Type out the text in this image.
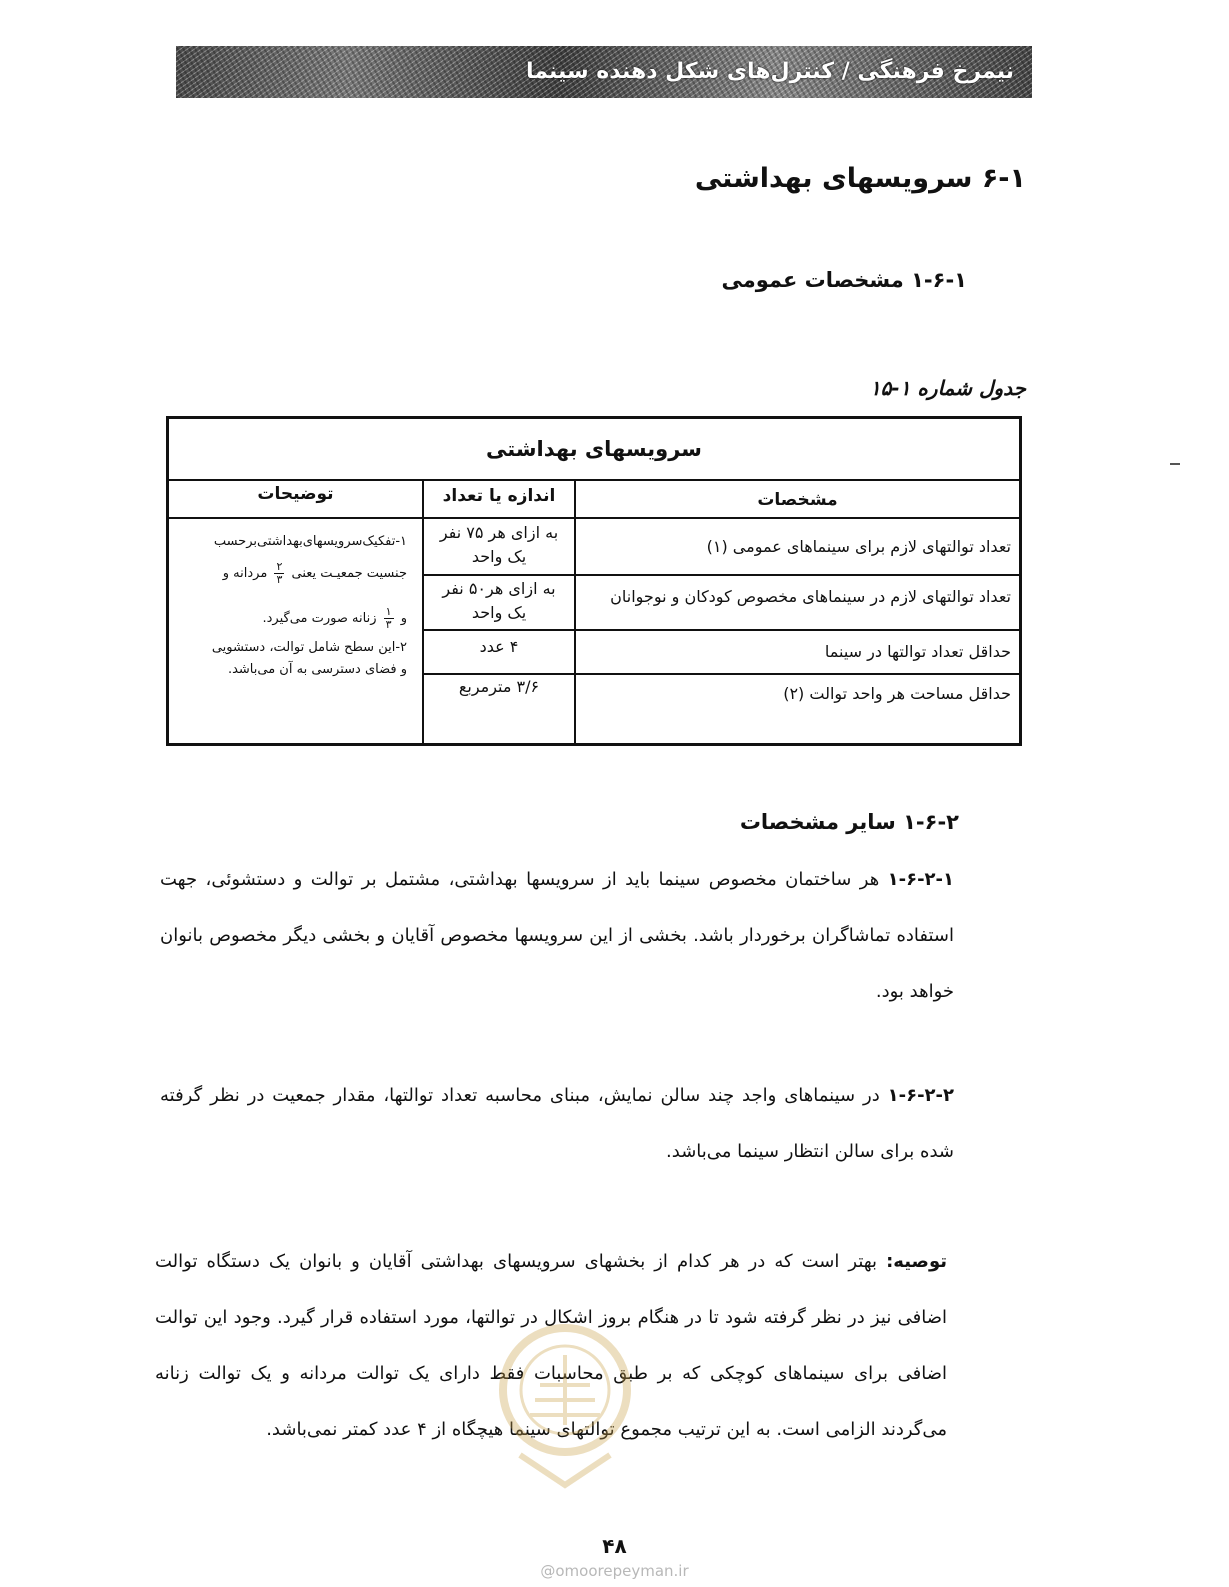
نیمرخ فرهنگی / کنترل‌های شکل دهنده سینما
۶-۱ سرویسهای بهداشتی
۱-۶-۱ مشخصات عمومی
جدول شماره ۱-۱۵
سرویسهای بهداشتی
مشخصات
اندازه یا تعداد
توضیحات
تعداد توالتهای لازم برای سینماهای عمومی (۱)
به ازای هر ۷۵ نفر یک واحد
تعداد توالتهای لازم در سینماهای مخصوص کودکان و نوجوانان
به ازای هر۵۰ نفر یک واحد
حداقل تعداد توالتها در سینما
۴ عدد
حداقل مساحت هر واحد توالت (۲)
۳/۶ مترمربع
۱-تفکیک‌سرویسهای‌بهداشتی‌برحسب
جنسیت جمعیـت یعنی
$\frac{۲}{۳}$
مردانه و
و
$\frac{۱}{۳}$
زنانه صورت می‌گیرد.
۲-این سطح شامل توالت، دستشویی
و فضای دسترسی به آن می‌باشد.
۱-۶-۲ سایر مشخصات
۱-۶-۲-۱ هر ساختمان مخصوص سینما باید از سرویسها بهداشتی، مشتمل بر توالت و دستشوئی، جهت استفاده تماشاگران برخوردار باشد. بخشی از این سرویسها مخصوص آقایان و بخشی دیگر مخصوص بانوان خواهد بود.
۱-۶-۲-۲ در سینماهای واجد چند سالن نمایش، مبنای محاسبه تعداد توالتها، مقدار جمعیت در نظر گرفته شده برای سالن انتظار سینما می‌باشد.
توصیه: بهتر است که در هر کدام از بخشهای سرویسهای بهداشتی آقایان و بانوان یک دستگاه توالت اضافی نیز در نظر گرفته شود تا در هنگام بروز اشکال در توالتها، مورد استفاده قرار گیرد. وجود این توالت اضافی برای سینماهای کوچکی که بر طبق محاسبات فقط دارای یک توالت مردانه و یک توالت زنانه می‌گردند الزامی است. به این ترتیب مجموع توالتهای سینما هیچگاه از ۴ عدد کمتر نمی‌باشد.
۴۸
@omoorepeyman.ir
